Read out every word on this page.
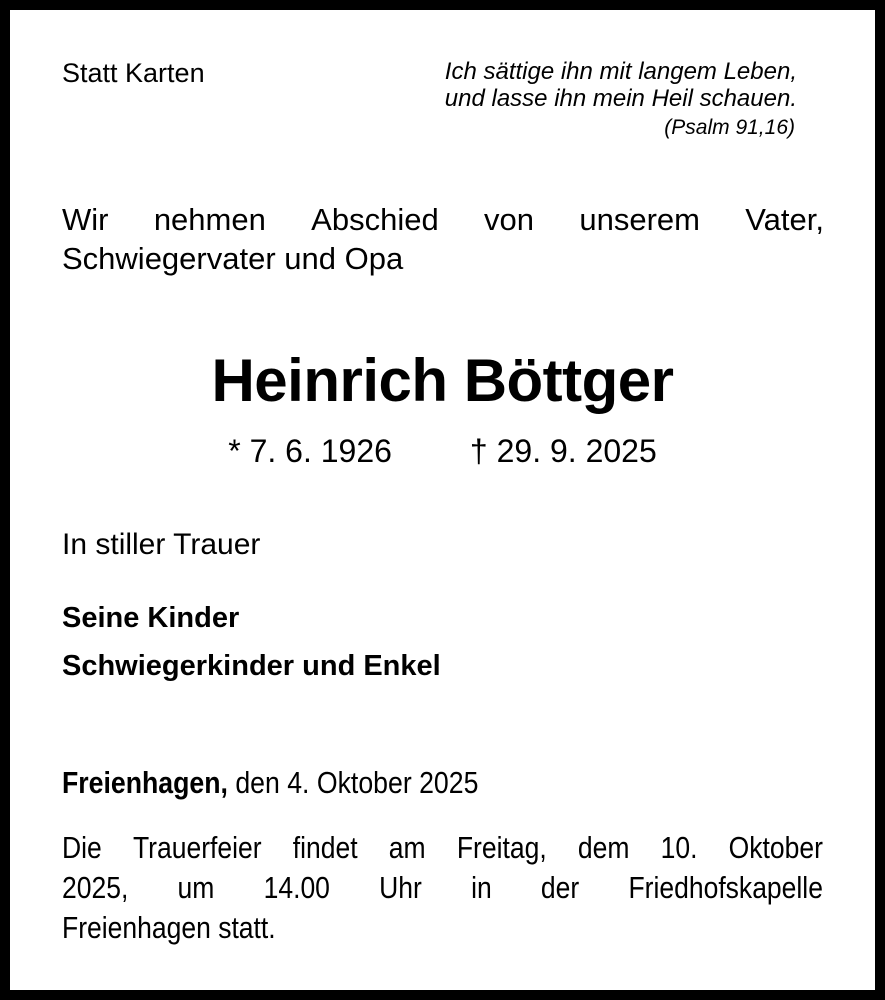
Statt Karten	Ich sättige ihn mit langem Leben,
und lasse ihn mein Heil schauen.
(Psalm 91,16)
Wir nehmen Abschied von unserem Vater,
Schwiegervater und Opa
Heinrich Böttger
* 7. 6. 1926 † 29. 9. 2025
In stiller Trauer
Seine Kinder
Schwiegerkinder und Enkel
Freienhagen, den 4. Oktober 2025
Die Trauerfeier findet am Freitag, dem 10. Oktober
2025, um 14.00 Uhr in der Friedhofskapelle
Freienhagen statt.
